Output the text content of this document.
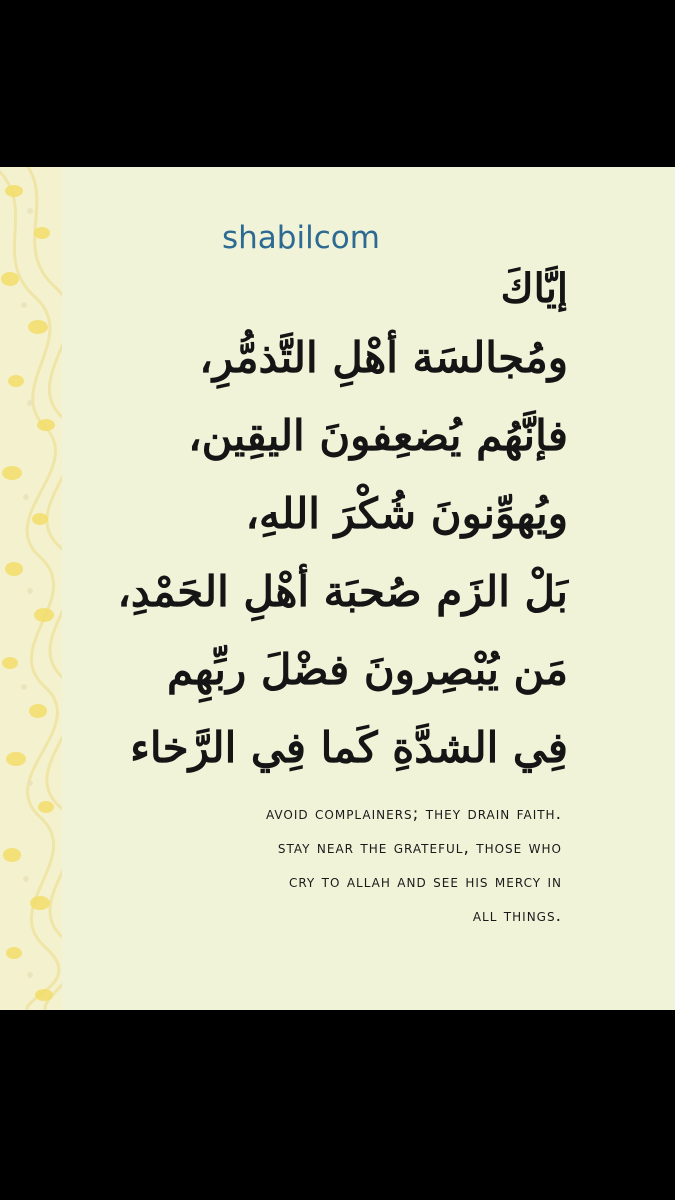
shabilcom
إيَّاكَ
ومُجالسَة أهْلِ التَّذمُّرِ،
فإنَّهُم يُضعِفونَ اليقِين،
ويُهوِّنونَ شُكْرَ اللهِ،
بَلْ الزَم صُحبَة أهْلِ الحَمْدِ،
مَن يُبْصِرونَ فضْلَ ربِّهِم
فِي الشدَّةِ كَما فِي الرَّخاء
avoid complainers; they drain faith.
stay near the grateful, those who
cry to allah and see his mercy in
all things.
